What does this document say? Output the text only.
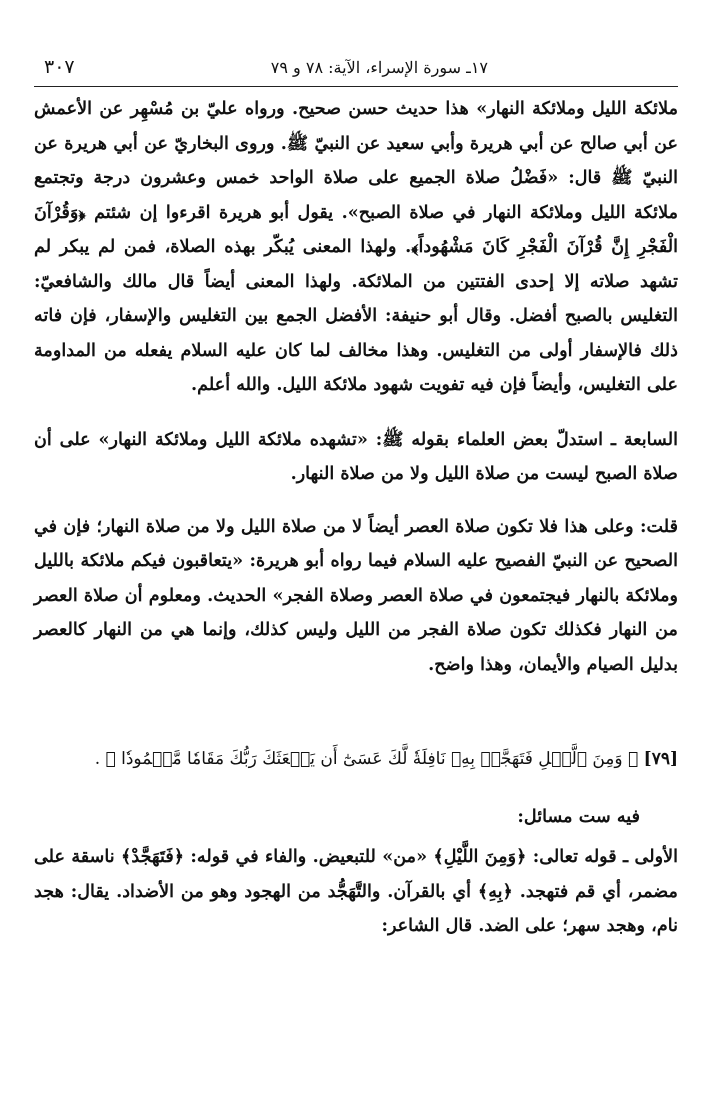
١٧ـ سورة الإسراء، الآية: ٧٨ و ٧٩
٣٠٧

ملائكة الليل وملائكة النهار» هذا حديث حسن صحيح. ورواه عليّ بن مُسْهِر عن الأعمش عن أبي صالح عن أبي هريرة وأبي سعيد عن النبيّ ﷺ. وروى البخاريّ عن أبي هريرة عن النبيّ ﷺ قال: «فَضْلُ صلاة الجميع على صلاة الواحد خمس وعشرون درجة وتجتمع ملائكة الليل وملائكة النهار في صلاة الصبح». يقول أبو هريرة اقرءوا إن شئتم ﴿وَقُرْآنَ الْفَجْرِ إِنَّ قُرْآنَ الْفَجْرِ كَانَ مَشْهُوداً﴾. ولهذا المعنى يُبكّر بهذه الصلاة، فمن لم يبكر لم تشهد صلاته إلا إحدى الفتتين من الملائكة. ولهذا المعنى أيضاً قال مالك والشافعيّ: التغليس بالصبح أفضل. وقال أبو حنيفة: الأفضل الجمع بين التغليس والإسفار، فإن فاته ذلك فالإسفار أولى من التغليس. وهذا مخالف لما كان عليه السلام يفعله من المداومة على التغليس، وأيضاً فإن فيه تفويت شهود ملائكة الليل. والله أعلم.

السابعة ـ استدلّ بعض العلماء بقوله ﷺ: «تشهده ملائكة الليل وملائكة النهار» على أن صلاة الصبح ليست من صلاة الليل ولا من صلاة النهار.

قلت: وعلى هذا فلا تكون صلاة العصر أيضاً لا من صلاة الليل ولا من صلاة النهار؛ فإن في الصحيح عن النبيّ الفصيح عليه السلام فيما رواه أبو هريرة: «يتعاقبون فيكم ملائكة بالليل وملائكة بالنهار فيجتمعون في صلاة العصر وصلاة الفجر» الحديث. ومعلوم أن صلاة العصر من النهار فكذلك تكون صلاة الفجر من الليل وليس كذلك، وإنما هي من النهار كالعصر بدليل الصيام والأيمان، وهذا واضح.

[٧٩] ﴿ وَمِنَ ٱلَّيۡلِ فَتَهَجَّدۡ بِهِۦ نَافِلَةٗ لَّكَ عَسَىٰٓ أَن يَبۡعَثَكَ رَبُّكَ مَقَامٗا مَّحۡمُودٗا ﴾ .
فيه ست مسائل:

الأولى ـ قوله تعالى: ﴿وَمِنَ اللَّيْلِ﴾ «من» للتبعيض. والفاء في قوله: ﴿فَتَهَجَّدْ﴾ ناسقة على مضمر، أي قم فتهجد. ﴿بِهِ﴾ أي بالقرآن. والتَّهَجُّد من الهجود وهو من الأضداد. يقال: هجد نام، وهجد سهر؛ على الضد. قال الشاعر:
